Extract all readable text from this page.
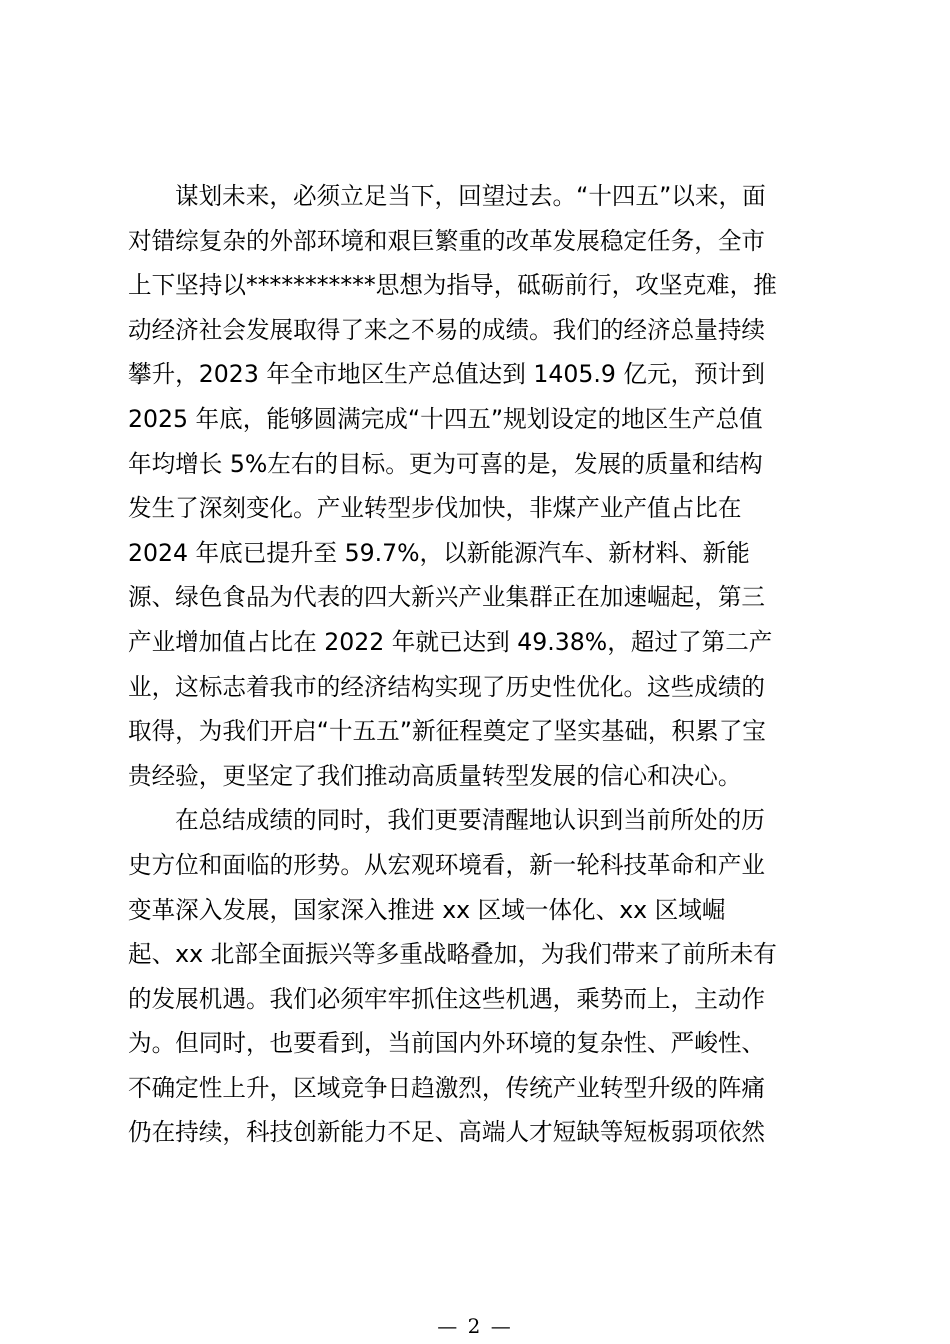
谋划未来，必须立足当下，回望过去。“十四五”以来，面
对错综复杂的外部环境和艰巨繁重的改革发展稳定任务，全市
上下坚持以***********思想为指导，砥砺前行，攻坚克难，推
动经济社会发展取得了来之不易的成绩。我们的经济总量持续
攀升，2023 年全市地区生产总值达到 1405.9 亿元，预计到
2025 年底，能够圆满完成“十四五”规划设定的地区生产总值
年均增长 5%左右的目标。更为可喜的是，发展的质量和结构
发生了深刻变化。产业转型步伐加快，非煤产业产值占比在
2024 年底已提升至 59.7%，以新能源汽车、新材料、新能
源、绿色食品为代表的四大新兴产业集群正在加速崛起，第三
产业增加值占比在 2022 年就已达到 49.38%，超过了第二产
业，这标志着我市的经济结构实现了历史性优化。这些成绩的
取得，为我们开启“十五五”新征程奠定了坚实基础，积累了宝
贵经验，更坚定了我们推动高质量转型发展的信心和决心。
在总结成绩的同时，我们更要清醒地认识到当前所处的历
史方位和面临的形势。从宏观环境看，新一轮科技革命和产业
变革深入发展，国家深入推进 xx 区域一体化、xx 区域崛
起、xx 北部全面振兴等多重战略叠加，为我们带来了前所未有
的发展机遇。我们必须牢牢抓住这些机遇，乘势而上，主动作
为。但同时，也要看到，当前国内外环境的复杂性、严峻性、
不确定性上升，区域竞争日趋激烈，传统产业转型升级的阵痛
仍在持续，科技创新能力不足、高端人才短缺等短板弱项依然
— 2 —
